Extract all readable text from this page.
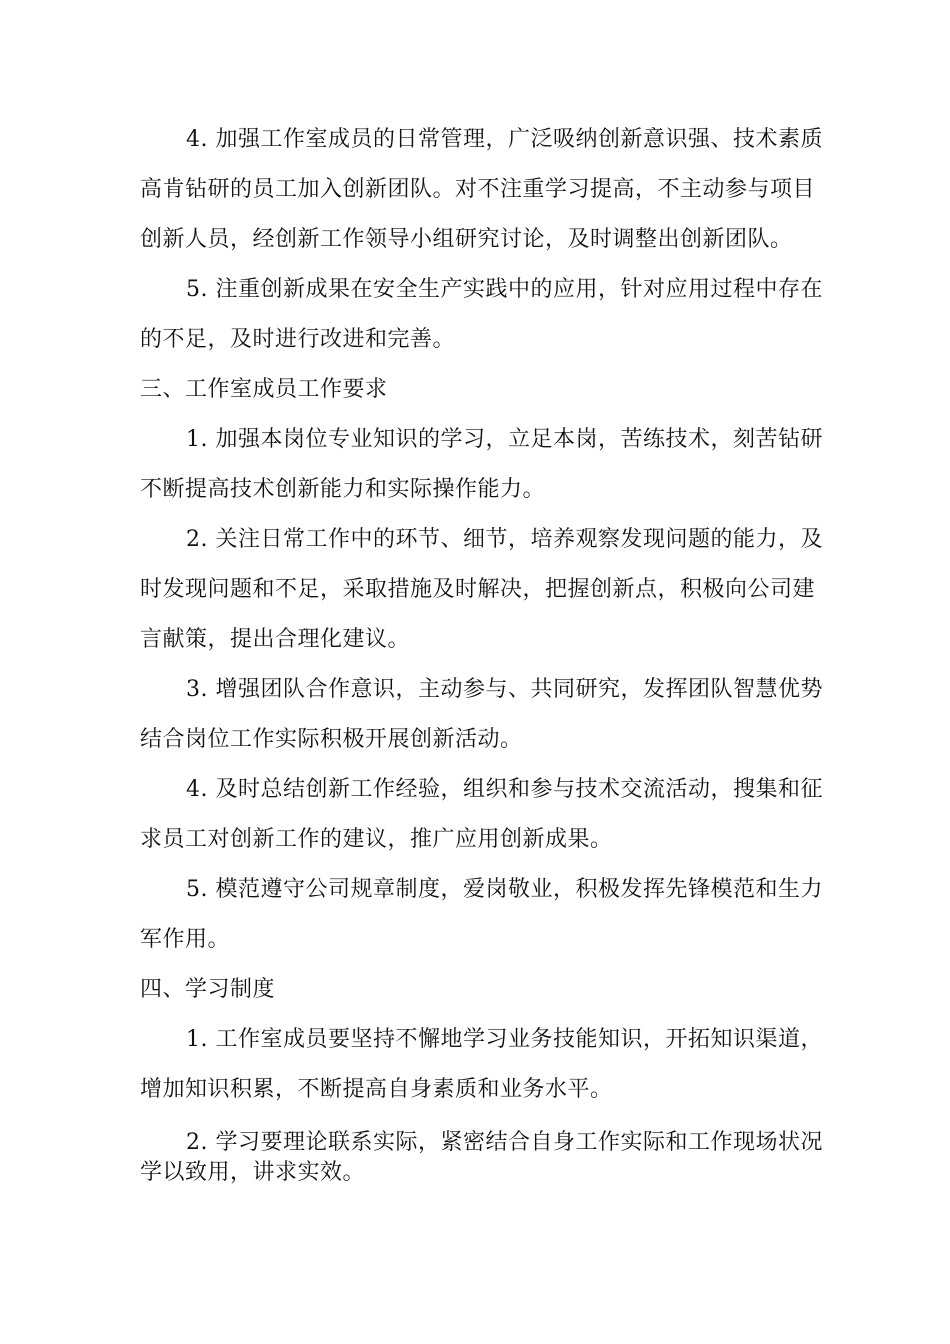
4. 加强工作室成员的日常管理，广泛吸纳创新意识强、技术素质
高肯钻研的员工加入创新团队。对不注重学习提高，不主动参与项目
创新人员，经创新工作领导小组研究讨论，及时调整出创新团队。
5. 注重创新成果在安全生产实践中的应用，针对应用过程中存在
的不足，及时进行改进和完善。
三、工作室成员工作要求
1. 加强本岗位专业知识的学习，立足本岗，苦练技术，刻苦钻研
不断提高技术创新能力和实际操作能力。
2. 关注日常工作中的环节、细节，培养观察发现问题的能力，及
时发现问题和不足，采取措施及时解决，把握创新点，积极向公司建
言献策，提出合理化建议。
3. 增强团队合作意识，主动参与、共同研究，发挥团队智慧优势
结合岗位工作实际积极开展创新活动。
4. 及时总结创新工作经验，组织和参与技术交流活动，搜集和征
求员工对创新工作的建议，推广应用创新成果。
5. 模范遵守公司规章制度，爱岗敬业，积极发挥先锋模范和生力
军作用。
四、学习制度
1. 工作室成员要坚持不懈地学习业务技能知识，开拓知识渠道，
增加知识积累，不断提高自身素质和业务水平。
2. 学习要理论联系实际，紧密结合自身工作实际和工作现场状况
学以致用，讲求实效。
